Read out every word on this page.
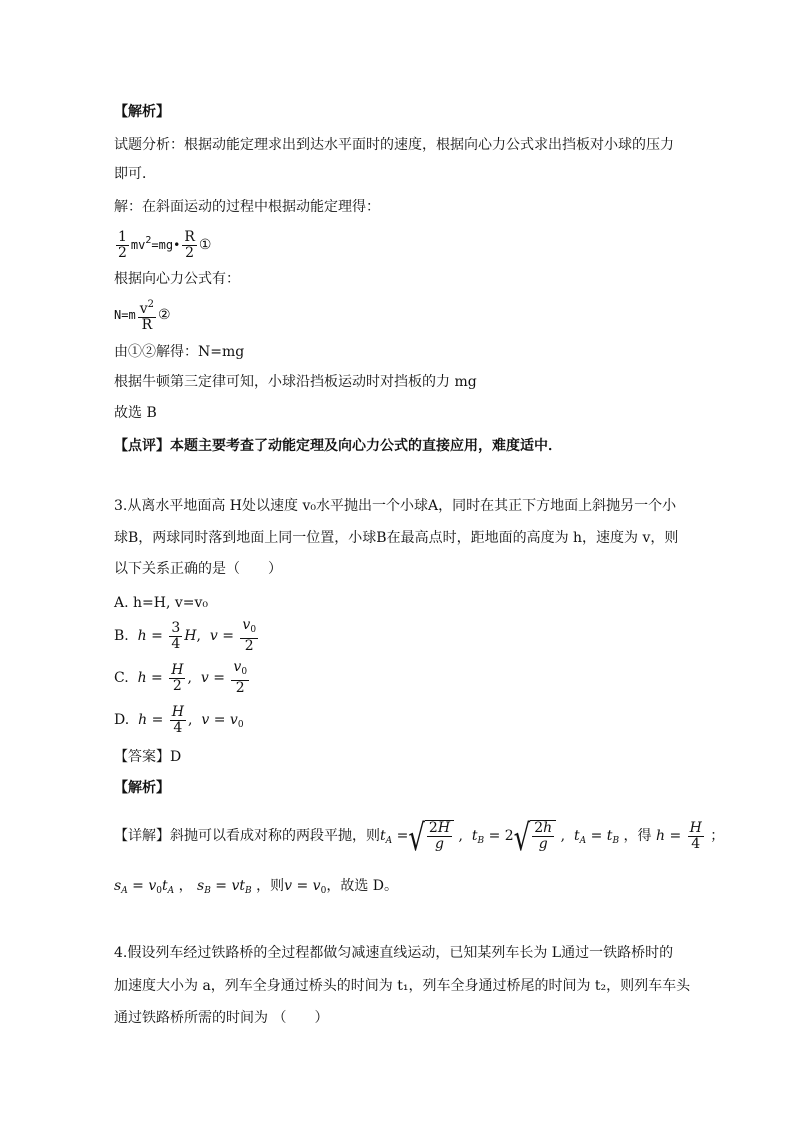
【解析】
试题分析：根据动能定理求出到达水平面时的速度，根据向心力公式求出挡板对小球的压力
即可．
解：在斜面运动的过程中根据动能定理得：
$\frac{1}{2}$ $mv^2=mg• \frac{R}{2}$ ①
根据向心力公式有：
$N=m \frac{v^2}{R}$ ②
由①②解得：N=mg
根据牛顿第三定律可知，小球沿挡板运动时对挡板的力 mg
故选 B
【点评】本题主要考查了动能定理及向心力公式的直接应用，难度适中．
3.从离水平地面高 H处以速度 v₀水平抛出一个小球A，同时在其正下方地面上斜抛另一个小
球B，两球同时落到地面上同一位置，小球B在最高点时，距地面的高度为 h，速度为 v，则
以下关系正确的是（　　）
A. h=H, v=v₀
B. $h = \frac{3}{4} H$,  $v = \frac{v_0}{2}$
C. $h = \frac{H}{2}$ ,  $v = \frac{v_0}{2}$
D. $h = \frac{H}{4}$ ,  $v = v_0$
【答案】D
【解析】
【详解】斜抛可以看成对称的两段平抛，则$t_A$ = √ $\frac{2H}{g}$ ,  $t_B = 2$ √ $\frac{2h}{g}$ ,  $t_A = t_B$ ，得 $h = \frac{H}{4}$ ；
$s_A = v_0t_A$ ， $s_B = vt_B$ ，则$v = v_0$，故选 D。
4.假设列车经过铁路桥的全过程都做匀减速直线运动，已知某列车长为 L通过一铁路桥时的
加速度大小为 a，列车全身通过桥头的时间为 t₁，列车全身通过桥尾的时间为 t₂，则列车车头
通过铁路桥所需的时间为 （　　）
